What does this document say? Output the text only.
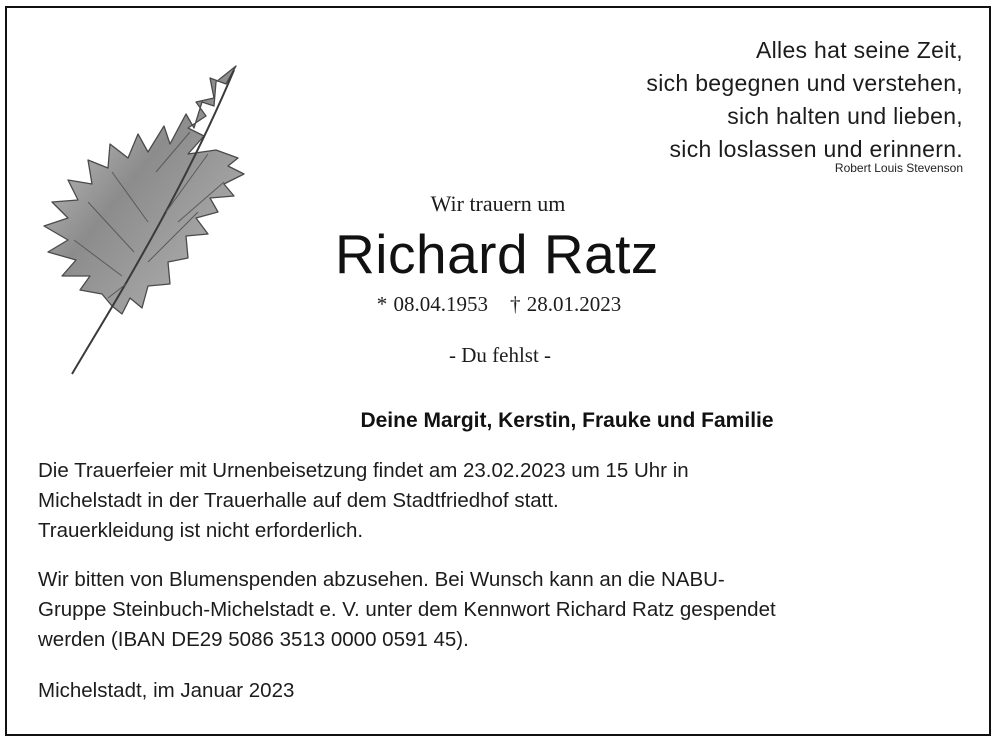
Alles hat seine Zeit,
sich begegnen und verstehen,
sich halten und lieben,
sich loslassen und erinnern.
Robert Louis Stevenson
Wir trauern um
Richard Ratz
* 08.04.1953 † 28.01.2023
- Du fehlst -
Deine Margit, Kerstin, Frauke und Familie

Die Trauerfeier mit Urnenbeisetzung findet am 23.02.2023 um 15 Uhr in
Michelstadt in der Trauerhalle auf dem Stadtfriedhof statt.
Trauerkleidung ist nicht erforderlich.

Wir bitten von Blumenspenden abzusehen. Bei Wunsch kann an die NABU-
Gruppe Steinbuch-Michelstadt e. V. unter dem Kennwort Richard Ratz gespendet
werden (IBAN DE29 5086 3513 0000 0591 45).

Michelstadt, im Januar 2023
